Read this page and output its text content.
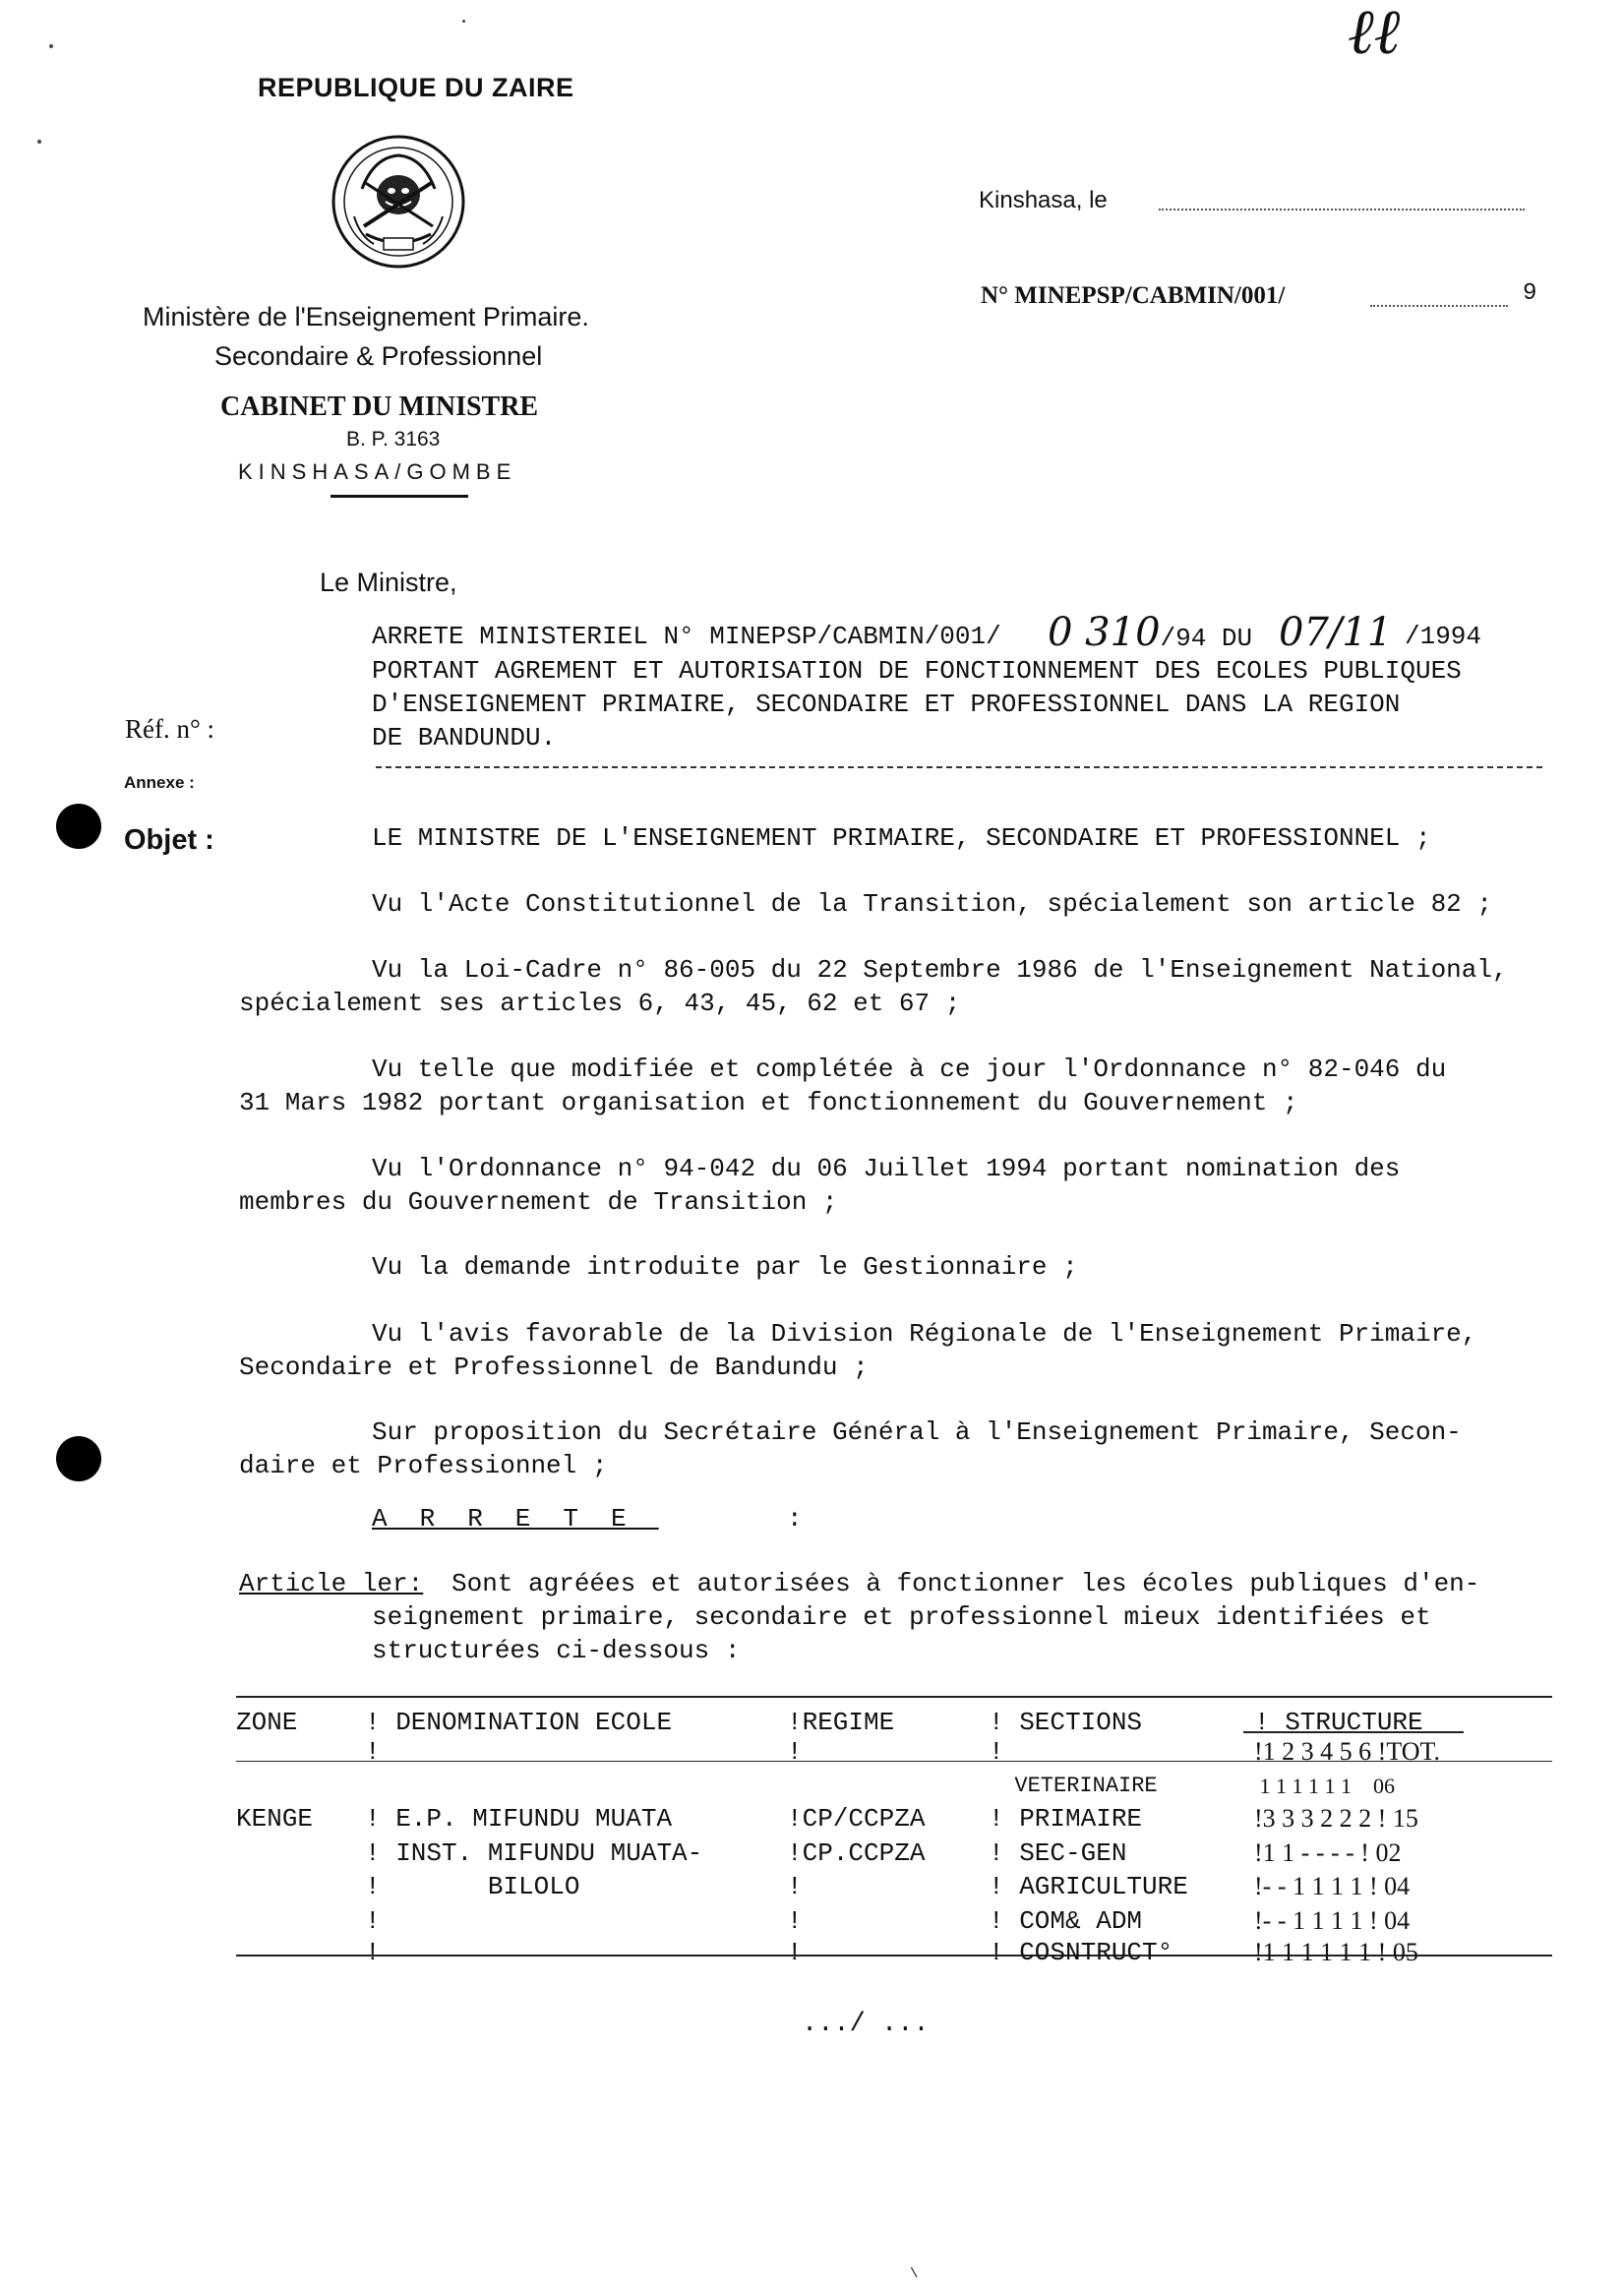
REPUBLIQUE DU ZAIRE
Ministère de l'Enseignement Primaire.
Secondaire & Professionnel
CABINET DU MINISTRE
B. P. 3163
KINSHASA/GOMBE
Kinshasa, le
N° MINEPSP/CABMIN/001/	9
ℓℓ
Réf. n° :
Annexe :
Objet :
Le Ministre,
ARRETE MINISTERIEL N° MINEPSP/CABMIN/001/ 0 310/94 DU 07/11 /1994
PORTANT AGREMENT ET AUTORISATION DE FONCTIONNEMENT DES ECOLES PUBLIQUES
D'ENSEIGNEMENT PRIMAIRE, SECONDAIRE ET PROFESSIONNEL DANS LA REGION
DE BANDUNDU.
LE MINISTRE DE L'ENSEIGNEMENT PRIMAIRE, SECONDAIRE ET PROFESSIONNEL ;
Vu l'Acte Constitutionnel de la Transition, spécialement son article 82 ;
Vu la Loi-Cadre n° 86-005 du 22 Septembre 1986 de l'Enseignement National,
spécialement ses articles 6, 43, 45, 62 et 67 ;
Vu telle que modifiée et complétée à ce jour l'Ordonnance n° 82-046 du
31 Mars 1982 portant organisation et fonctionnement du Gouvernement ;
Vu l'Ordonnance n° 94-042 du 06 Juillet 1994 portant nomination des
membres du Gouvernement de Transition ;
Vu la demande introduite par le Gestionnaire ;
Vu l'avis favorable de la Division Régionale de l'Enseignement Primaire,
Secondaire et Professionnel de Bandundu ;
Sur proposition du Secrétaire Général à l'Enseignement Primaire, Secon-
daire et Professionnel ;
ARRETE	:
Article ler: Sont agréées et autorisées à fonctionner les écoles publiques d'en-
seignement primaire, secondaire et professionnel mieux identifiées et
structurées ci-dessous :
ZONE	! DENOMINATION ECOLE	!REGIME	! SECTIONS	! STRUCTURE
!	!	!	!1 2 3 4 5 6 !TOT.
VETERINAIRE	1 1 1 1 1 1    06
KENGE ! E.P. MIFUNDU MUATA	!CP/CCPZA ! PRIMAIRE	!3 3 3 2 2 2 ! 15
! INST. MIFUNDU MUATA-	!CP.CCPZA ! SEC-GEN	!1 1 - - - - ! 02
!       BILOLO	!	! AGRICULTURE	!- - 1 1 1 1 ! 04
!	!	! COM& ADM	!- - 1 1 1 1 ! 04
!	!	! COSNTRUCT°	!1 1 1 1 1 1 ! 05
.../ ...
\
